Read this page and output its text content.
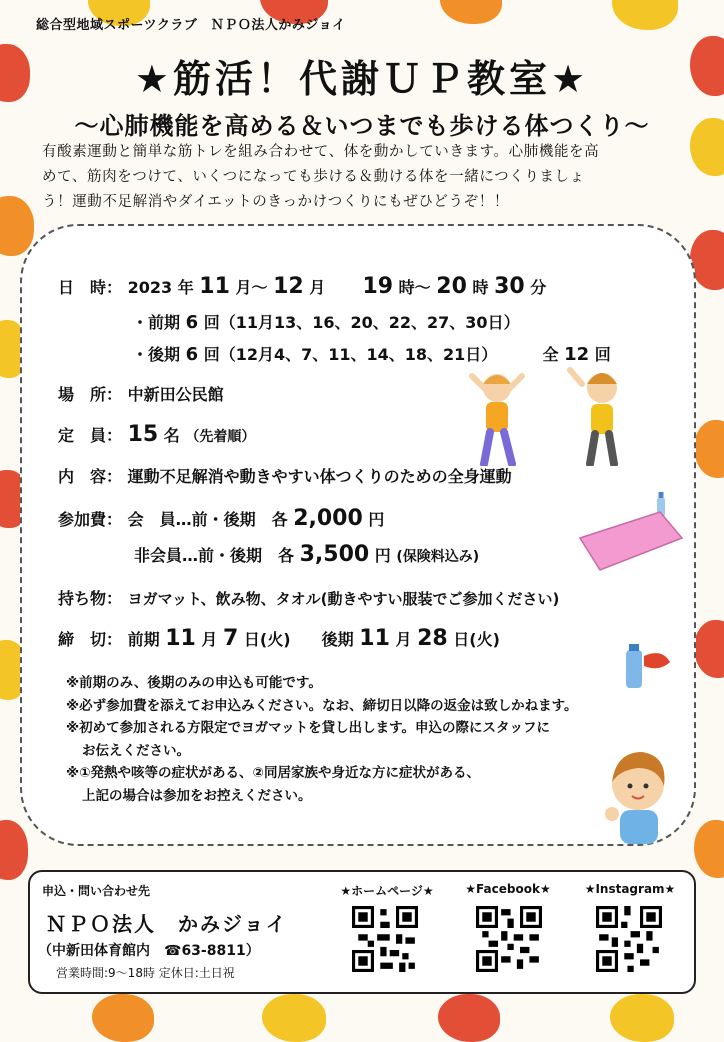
総合型地域スポーツクラブ　ＮＰＯ法人かみジョイ
★筋活！代謝ＵＰ教室★
～心肺機能を高める＆いつまでも歩ける体つくり～
有酸素運動と簡単な筋トレを組み合わせて、体を動かしていきます。心肺機能を高
めて、筋肉をつけて、いくつになっても歩ける＆動ける体を一緒につくりましょ
う！運動不足解消やダイエットのきっかけつくりにもぜひどうぞ！！
日　時： 2023 年 11 月～ 12 月 19 時～ 20 時 30 分
・前期 6 回（11月13、16、20、22、27、30日）
・後期 6 回（12月4、7、11、14、18、21日）	全 12 回
場　所： 中新田公民館
定　員： 15 名 （先着順）
内　容： 運動不足解消や動きやすい体つくりのための全身運動
参加費： 会　員…前・後期　各 2,000 円
非会員…前・後期　各 3,500 円 (保険料込み)
持ち物： ヨガマット、飲み物、タオル(動きやすい服装でご参加ください)
締　切： 前期 11 月 7 日(火) 後期 11 月 28 日(火)
※前期のみ、後期のみの申込も可能です。
※必ず参加費を添えてお申込みください。なお、締切日以降の返金は致しかねます。
※初めて参加される方限定でヨガマットを貸し出します。申込の際にスタッフに
お伝えください。
※①発熱や咳等の症状がある、②同居家族や身近な方に症状がある、
上記の場合は参加をお控えください。
申込・問い合わせ先
ＮＰＯ法人　かみジョイ
（中新田体育館内　☎63-8811）
営業時間:9～18時 定休日:土日祝
★ホームページ★	★Facebook★	★Instagram★
